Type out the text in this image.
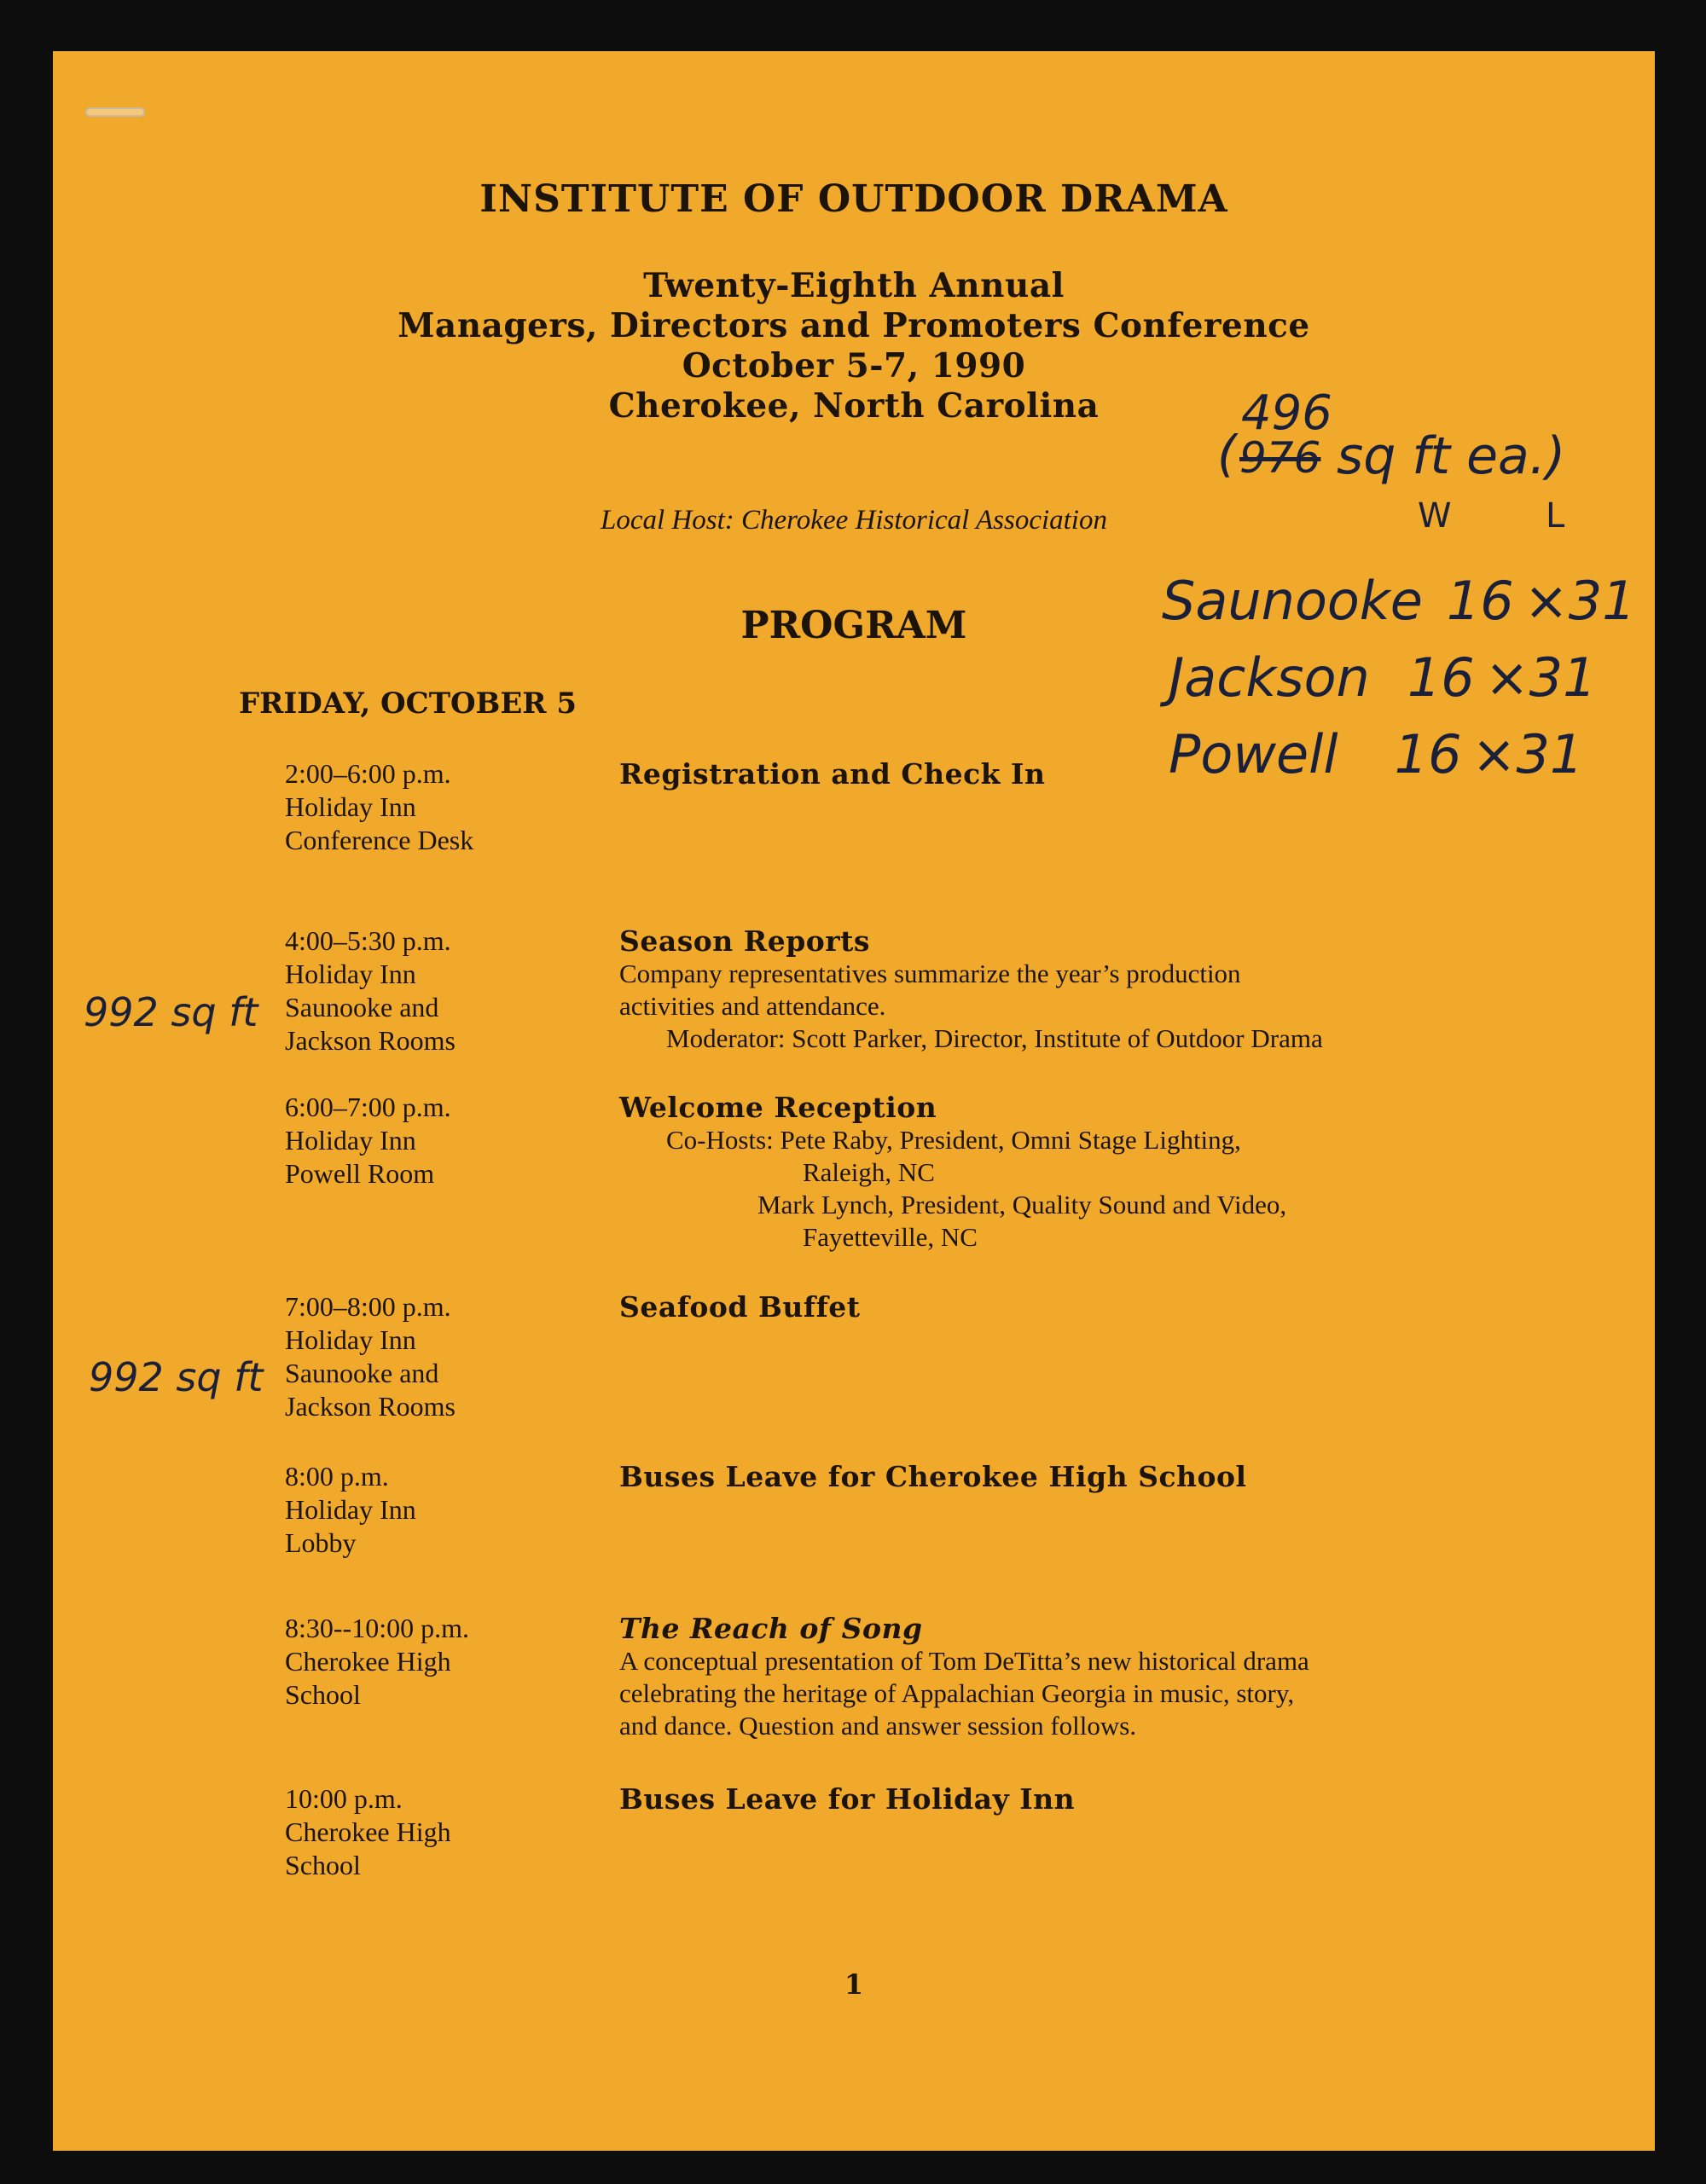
INSTITUTE OF OUTDOOR DRAMA
Twenty-Eighth Annual
Managers, Directors and Promoters Conference
October 5-7, 1990
Cherokee, North Carolina
Local Host: Cherokee Historical Association
PROGRAM
FRIDAY, OCTOBER 5
2:00–6:00 p.m.
Holiday Inn
Conference Desk
Registration and Check In
4:00–5:30 p.m.
Holiday Inn
Saunooke and
Jackson Rooms
Season Reports
Company representatives summarize the year’s production
activities and attendance.
Moderator: Scott Parker, Director, Institute of Outdoor Drama
6:00–7:00 p.m.
Holiday Inn
Powell Room
Welcome Reception
Co-Hosts: Pete Raby, President, Omni Stage Lighting,
Raleigh, NC
Mark Lynch, President, Quality Sound and Video,
Fayetteville, NC
7:00–8:00 p.m.
Holiday Inn
Saunooke and
Jackson Rooms
Seafood Buffet
8:00 p.m.
Holiday Inn
Lobby
Buses Leave for Cherokee High School
8:30--10:00 p.m.
Cherokee High
School
The Reach of Song
A conceptual presentation of Tom DeTitta’s new historical drama
celebrating the heritage of Appalachian Georgia in music, story,
and dance. Question and answer session follows.
10:00 p.m.
Cherokee High
School
Buses Leave for Holiday Inn
1
(
496
976 sq ft ea.)
W	L
Saunooke 16 ×31
Jackson 16 ×31
Powell 16 ×31
992 sq ft
992 sq ft
